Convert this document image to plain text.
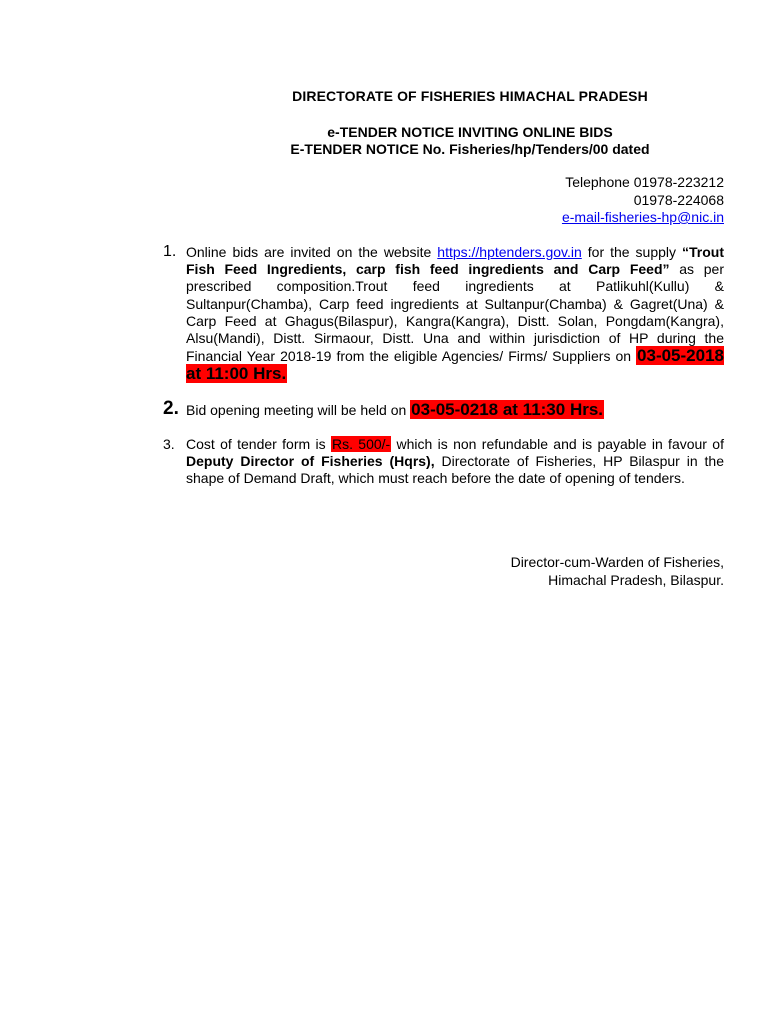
DIRECTORATE OF FISHERIES HIMACHAL PRADESH
e-TENDER NOTICE INVITING ONLINE BIDS
E-TENDER NOTICE No. Fisheries/hp/Tenders/00 dated
Telephone 01978-223212
01978-224068
e-mail-fisheries-hp@nic.in
1. Online bids are invited on the website https://hptenders.gov.in for the supply “Trout Fish Feed Ingredients, carp fish feed ingredients and Carp Feed” as per prescribed composition.Trout feed ingredients at Patlikuhl(Kullu) & Sultanpur(Chamba), Carp feed ingredients at Sultanpur(Chamba) & Gagret(Una) & Carp Feed at Ghagus(Bilaspur), Kangra(Kangra), Distt. Solan, Pongdam(Kangra), Alsu(Mandi), Distt. Sirmaour, Distt. Una and within jurisdiction of HP during the Financial Year 2018-19 from the eligible Agencies/ Firms/ Suppliers on 03-05-2018 at 11:00 Hrs.
2. Bid opening meeting will be held on 03-05-0218 at 11:30 Hrs.
3. Cost of tender form is Rs. 500/- which is non refundable and is payable in favour of Deputy Director of Fisheries (Hqrs), Directorate of Fisheries, HP Bilaspur in the shape of Demand Draft, which must reach before the date of opening of tenders.
Director-cum-Warden of Fisheries,
Himachal Pradesh, Bilaspur.
